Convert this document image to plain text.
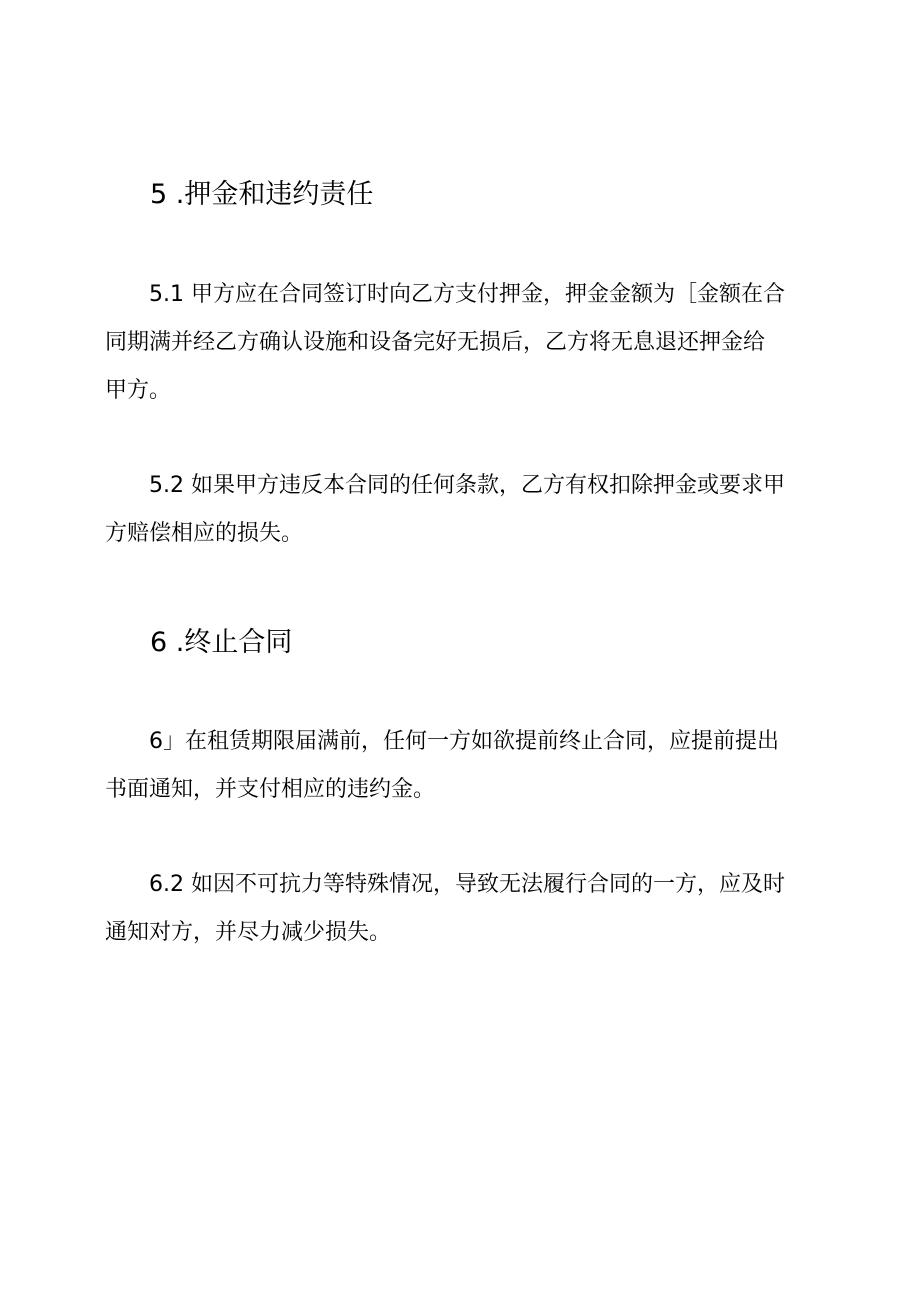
5 .押金和违约责任
5.1 甲方应在合同签订时向乙方支付押金，押金金额为［金额在合
同期满并经乙方确认设施和设备完好无损后，乙方将无息退还押金给
甲方。
5.2 如果甲方违反本合同的任何条款，乙方有权扣除押金或要求甲
方赔偿相应的损失。
6 .终止合同
6」在租赁期限届满前，任何一方如欲提前终止合同，应提前提出
书面通知，并支付相应的违约金。
6.2 如因不可抗力等特殊情况，导致无法履行合同的一方，应及时
通知对方，并尽力减少损失。
